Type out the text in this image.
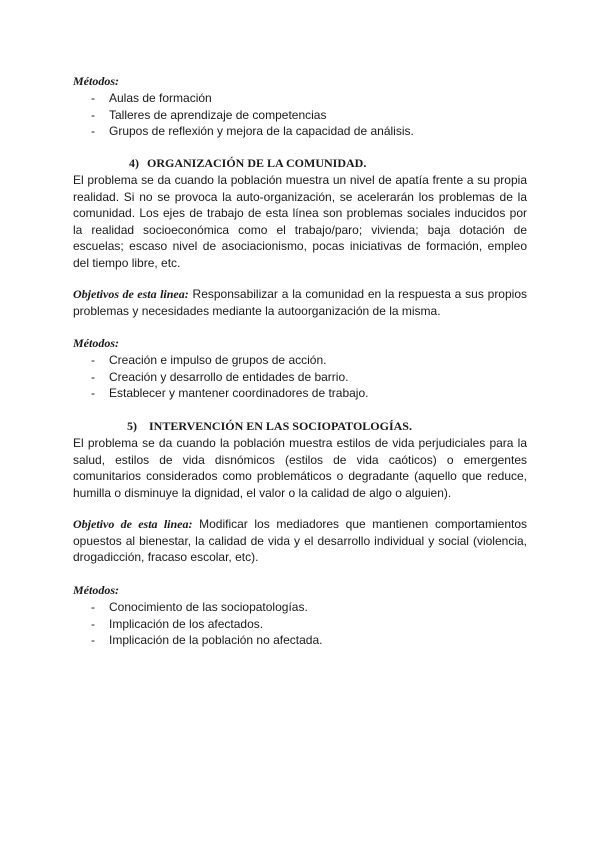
Métodos:
- Aulas de formación
- Talleres de aprendizaje de competencias
- Grupos de reflexión y mejora de la capacidad de análisis.
4) ORGANIZACIÓN DE LA COMUNIDAD.

El problema se da cuando la población muestra un nivel de apatía frente a su propia realidad. Si no se provoca la auto-organización, se acelerarán los problemas de la comunidad. Los ejes de trabajo de esta línea son problemas sociales inducidos por la realidad socioeconómica como el trabajo/paro; vivienda; baja dotación de escuelas; escaso nivel de asociacionismo, pocas iniciativas de formación, empleo del tiempo libre, etc.

Objetivos de esta linea: Responsabilizar a la comunidad en la respuesta a sus propios problemas y necesidades mediante la autoorganización de la misma.

Métodos:
- Creación e impulso de grupos de acción.
- Creación y desarrollo de entidades de barrio.
- Establecer y mantener coordinadores de trabajo.
5) INTERVENCIÓN EN LAS SOCIOPATOLOGÍAS.

El problema se da cuando la población muestra estilos de vida perjudiciales para la salud, estilos de vida disnómicos (estilos de vida caóticos) o emergentes comunitarios considerados como problemáticos o degradante (aquello que reduce, humilla o disminuye la dignidad, el valor o la calidad de algo o alguien).

Objetivo de esta linea: Modificar los mediadores que mantienen comportamientos opuestos al bienestar, la calidad de vida y el desarrollo individual y social (violencia, drogadicción, fracaso escolar, etc).

Métodos:
- Conocimiento de las sociopatologías.
- Implicación de los afectados.
- Implicación de la población no afectada.
